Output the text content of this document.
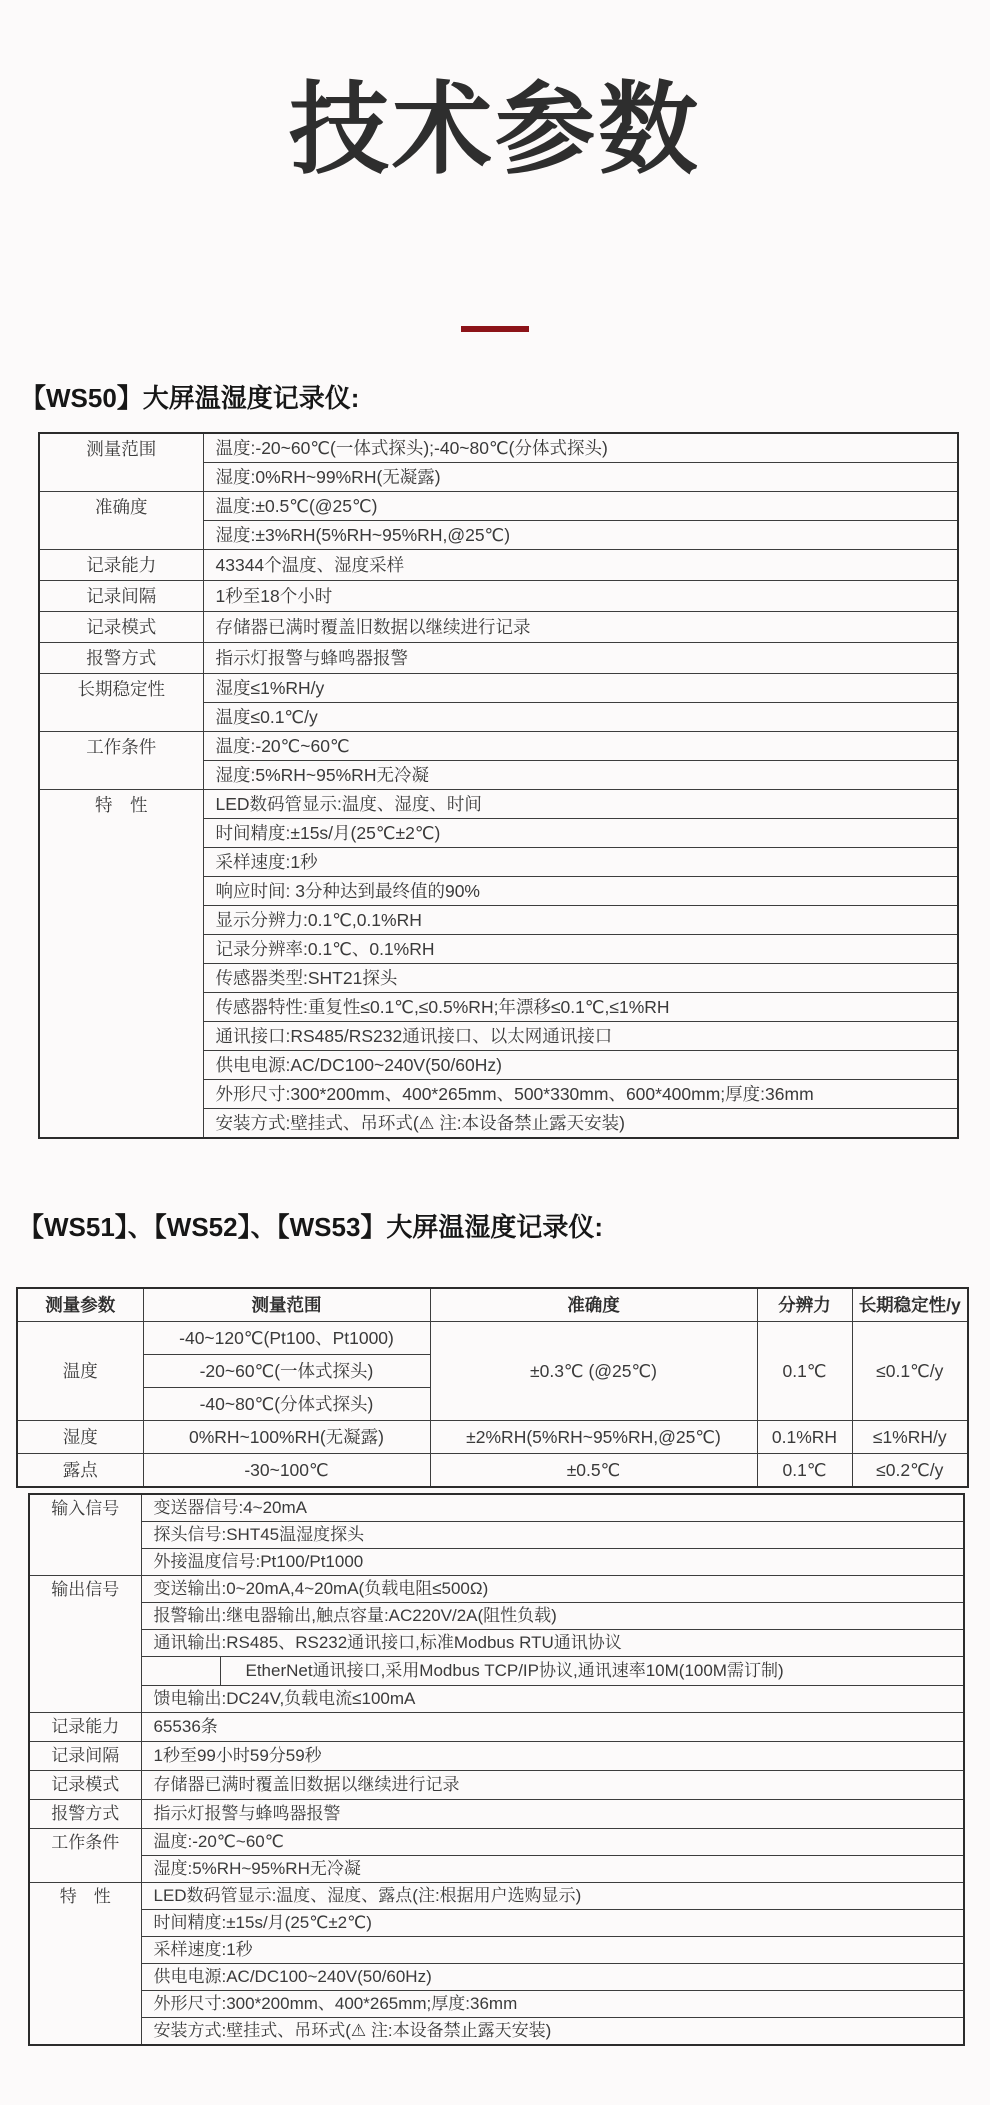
技术参数
【WS50】大屏温湿度记录仪:
测量范围	温度:-20~60℃(一体式探头);-40~80℃(分体式探头)
	湿度:0%RH~99%RH(无凝露)
准确度	温度:±0.5℃(@25℃)
	湿度:±3%RH(5%RH~95%RH,@25℃)
记录能力	43344个温度、湿度采样
记录间隔	1秒至18个小时
记录模式	存储器已满时覆盖旧数据以继续进行记录
报警方式	指示灯报警与蜂鸣器报警
长期稳定性	湿度≤1%RH/y
	温度≤0.1℃/y
工作条件	温度:-20℃~60℃
	湿度:5%RH~95%RH无冷凝
特　性	LED数码管显示:温度、湿度、时间
	时间精度:±15s/月(25℃±2℃)
	采样速度:1秒
	响应时间: 3分种达到最终值的90%
	显示分辨力:0.1℃,0.1%RH
	记录分辨率:0.1℃、0.1%RH
	传感器类型:SHT21探头
	传感器特性:重复性≤0.1℃,≤0.5%RH;年漂移≤0.1℃,≤1%RH
	通讯接口:RS485/RS232通讯接口、以太网通讯接口
	供电电源:AC/DC100~240V(50/60Hz)
	外形尺寸:300*200mm、400*265mm、500*330mm、600*400mm;厚度:36mm
	安装方式:壁挂式、吊环式(⚠ 注:本设备禁止露天安装)
【WS51】、【WS52】、【WS53】大屏温湿度记录仪:
测量参数	测量范围	准确度	分辨力	长期稳定性/y
温度	-40~120℃(Pt100、Pt1000)	±0.3℃ (@25℃)	0.1℃	≤0.1℃/y
	-20~60℃(一体式探头)			
	-40~80℃(分体式探头)			
湿度	0%RH~100%RH(无凝露)	±2%RH(5%RH~95%RH,@25℃)	0.1%RH	≤1%RH/y
露点	-30~100℃	±0.5℃	0.1℃	≤0.2℃/y
输入信号	变送器信号:4~20mA	
	探头信号:SHT45温湿度探头	
	外接温度信号:Pt100/Pt1000	
输出信号	变送输出:0~20mA,4~20mA(负载电阻≤500Ω)	
	报警输出:继电器输出,触点容量:AC220V/2A(阻性负载)	
	通讯输出:RS485、RS232通讯接口,标准Modbus RTU通讯协议	
		EtherNet通讯接口,采用Modbus TCP/IP协议,通讯速率10M(100M需订制)
	馈电输出:DC24V,负载电流≤100mA	
记录能力	65536条	
记录间隔	1秒至99小时59分59秒	
记录模式	存储器已满时覆盖旧数据以继续进行记录	
报警方式	指示灯报警与蜂鸣器报警	
工作条件	温度:-20℃~60℃	
	湿度:5%RH~95%RH无冷凝	
特　性	LED数码管显示:温度、湿度、露点(注:根据用户选购显示)	
	时间精度:±15s/月(25℃±2℃)	
	采样速度:1秒	
	供电电源:AC/DC100~240V(50/60Hz)	
	外形尺寸:300*200mm、400*265mm;厚度:36mm	
	安装方式:壁挂式、吊环式(⚠ 注:本设备禁止露天安装)	
